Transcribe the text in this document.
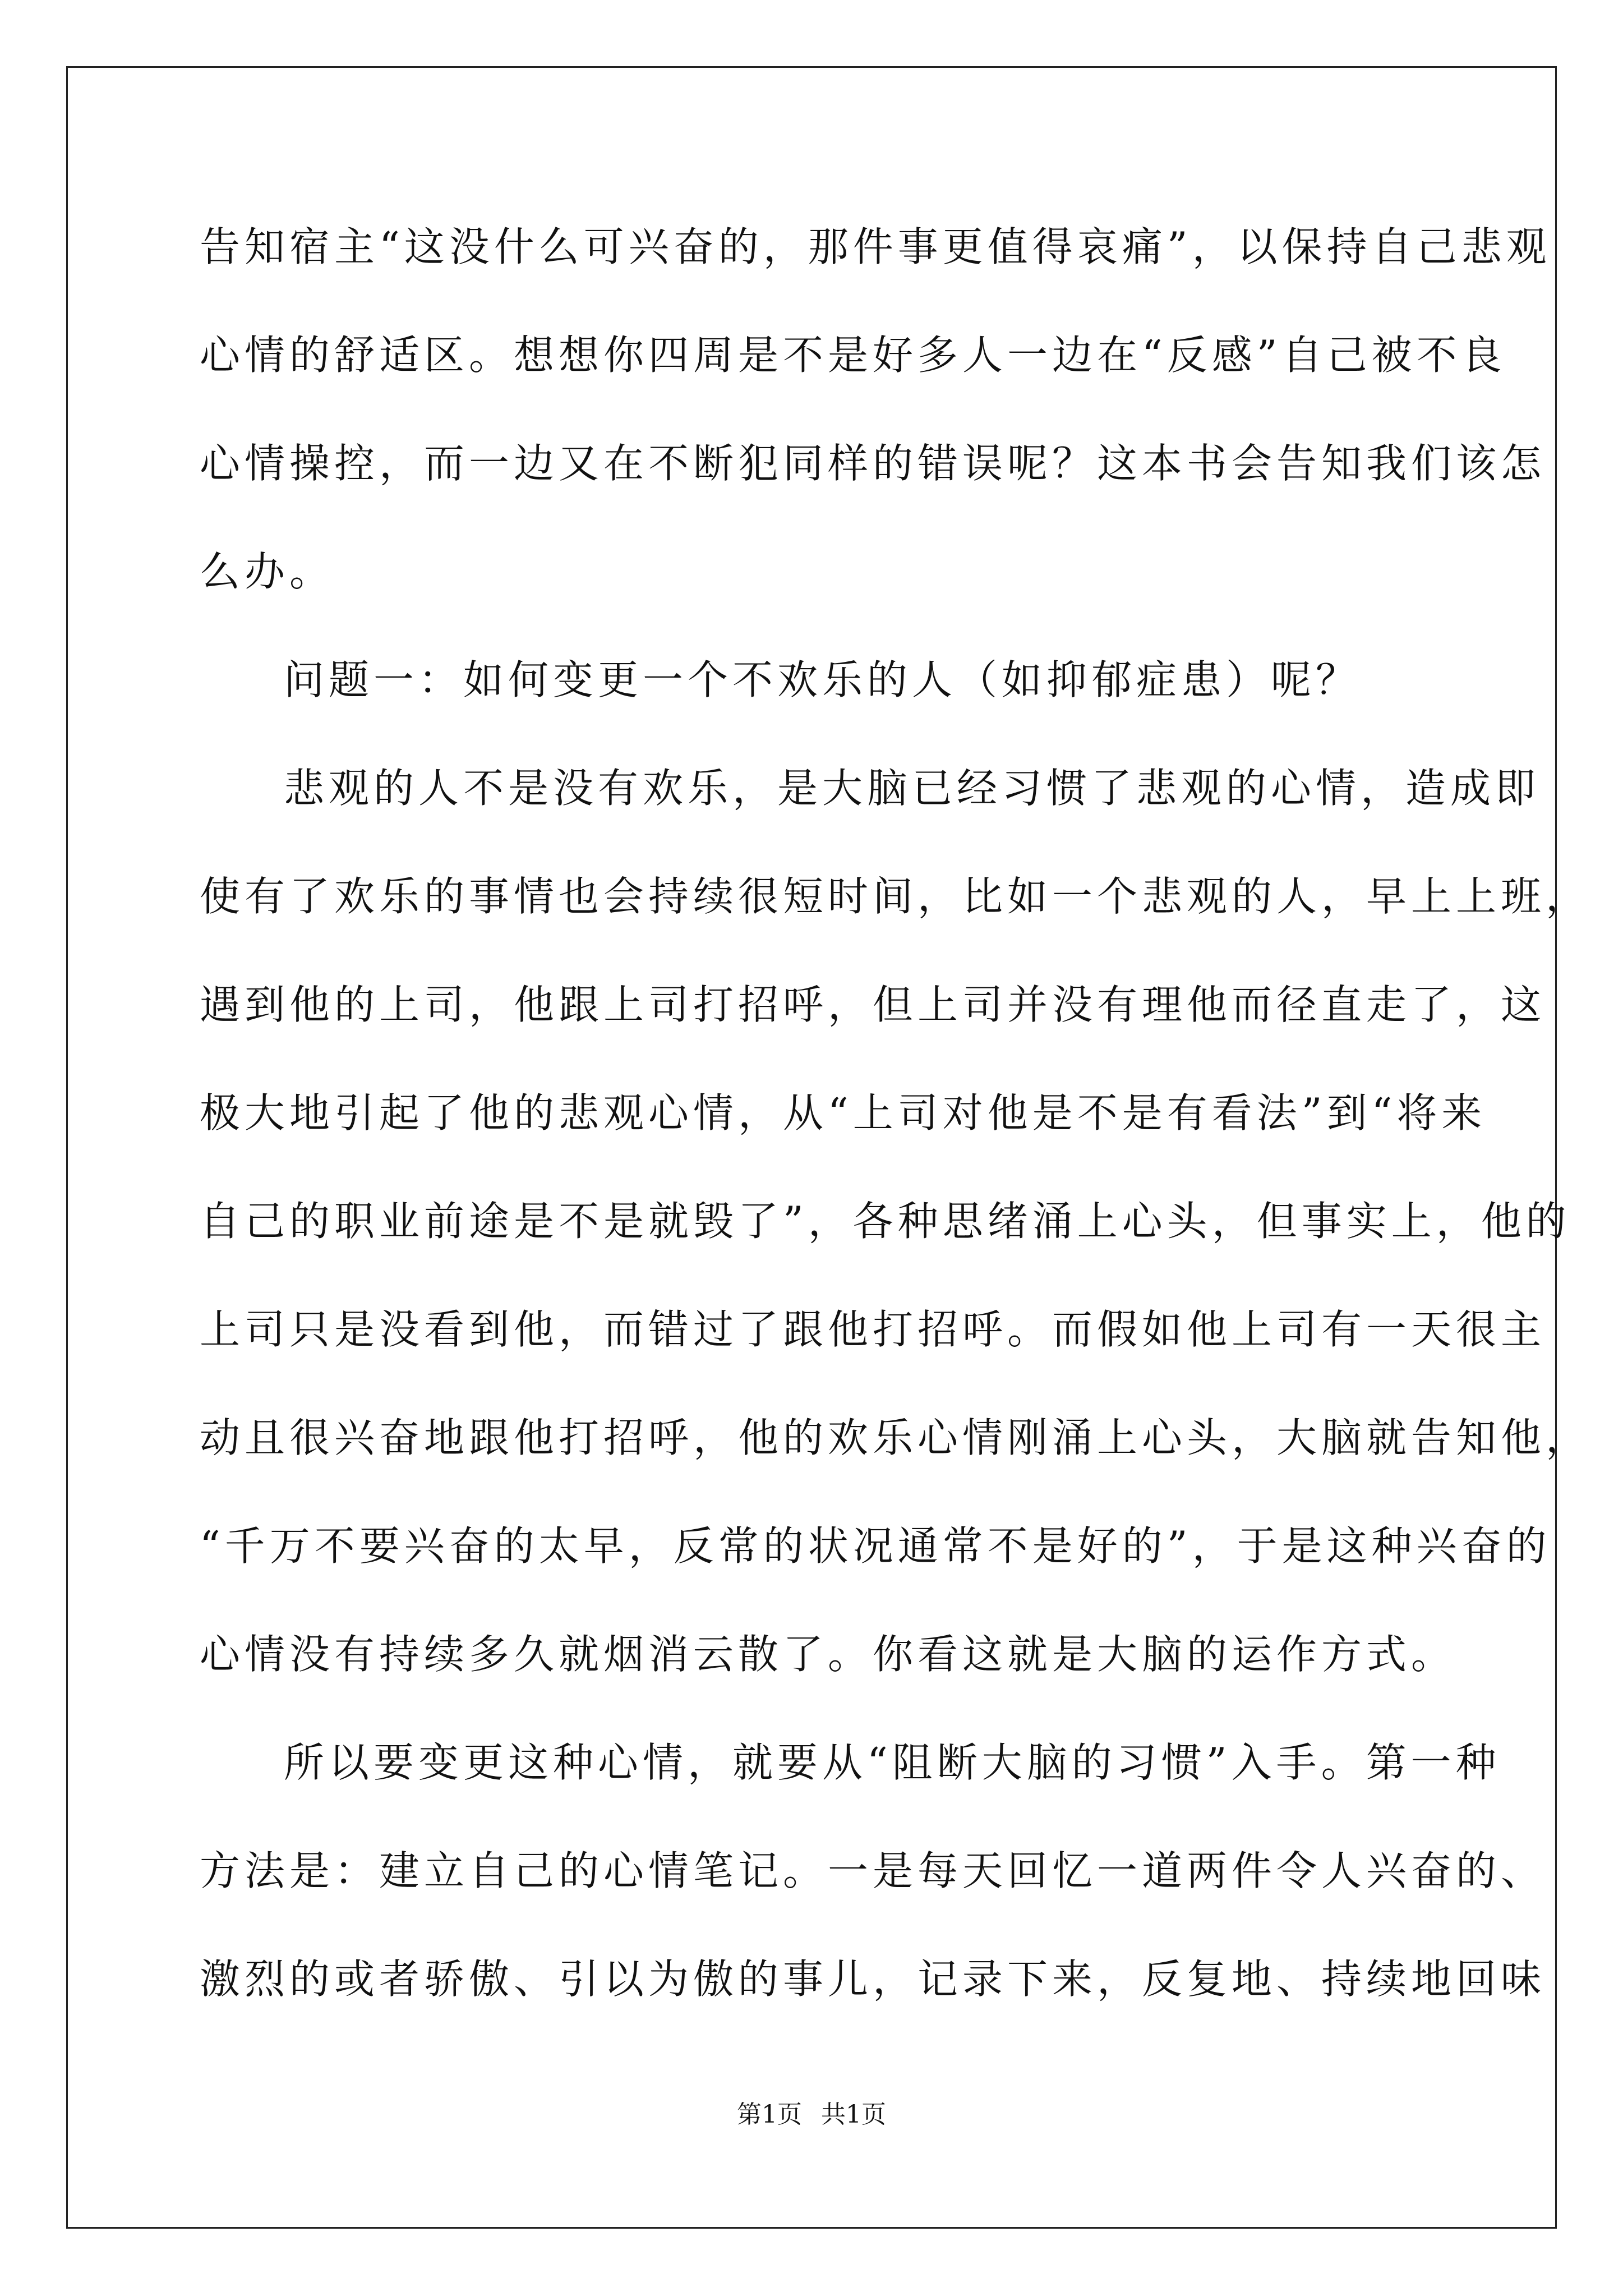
告知宿主“这没什么可兴奋的，那件事更值得哀痛”，以保持自己悲观
心情的舒适区。想想你四周是不是好多人一边在“反感”自己被不良
心情操控，而一边又在不断犯同样的错误呢？这本书会告知我们该怎
么办。
问题一：如何变更一个不欢乐的人（如抑郁症患）呢？
悲观的人不是没有欢乐，是大脑已经习惯了悲观的心情，造成即
使有了欢乐的事情也会持续很短时间，比如一个悲观的人，早上上班，
遇到他的上司，他跟上司打招呼，但上司并没有理他而径直走了，这
极大地引起了他的悲观心情，从“上司对他是不是有看法”到“将来
自己的职业前途是不是就毁了”，各种思绪涌上心头，但事实上，他的
上司只是没看到他，而错过了跟他打招呼。而假如他上司有一天很主
动且很兴奋地跟他打招呼，他的欢乐心情刚涌上心头，大脑就告知他，
“千万不要兴奋的太早，反常的状况通常不是好的”，于是这种兴奋的
心情没有持续多久就烟消云散了。你看这就是大脑的运作方式。
所以要变更这种心情，就要从“阻断大脑的习惯”入手。第一种
方法是：建立自己的心情笔记。一是每天回忆一道两件令人兴奋的、
激烈的或者骄傲、引以为傲的事儿，记录下来，反复地、持续地回味
第1页 共1页
